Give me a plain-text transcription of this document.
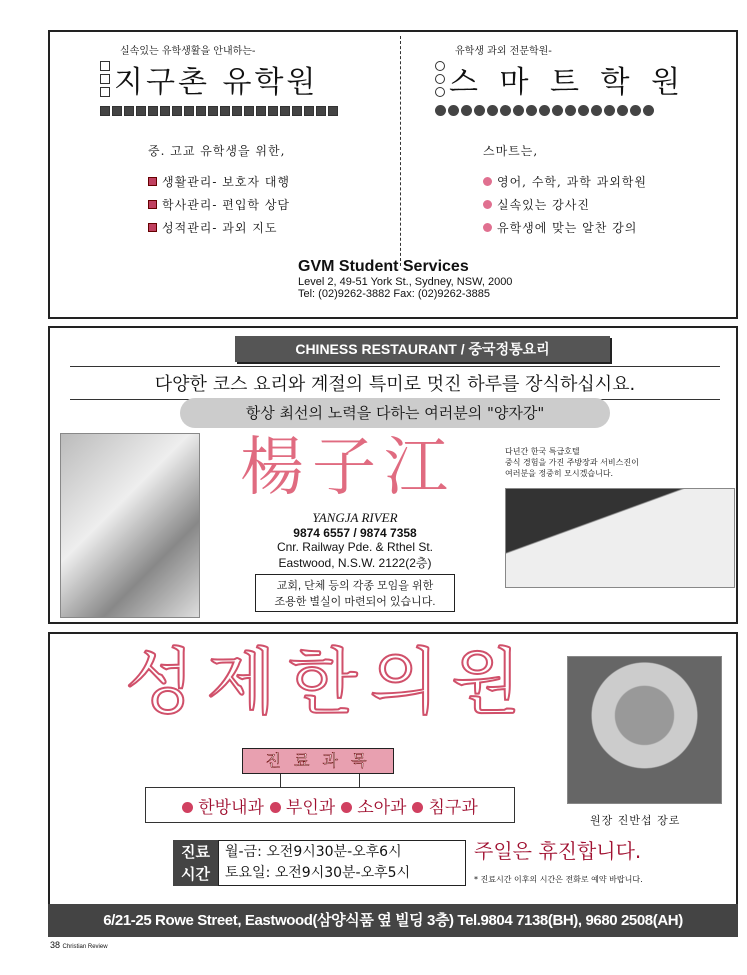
실속있는 유학생활을 안내하는-
지구촌 유학원
중. 고교 유학생을 위한,
생활관리- 보호자 대행
학사관리- 편입학 상담
성적관리- 과외 지도
유학생 과외 전문학원-
스 마 트 학 원
스마트는,
영어, 수학, 과학 과외학원
실속있는 강사진
유학생에 맞는 알찬 강의
GVM Student Services
Level 2, 49-51 York St., Sydney, NSW, 2000
Tel: (02)9262-3882 Fax: (02)9262-3885
CHINESS RESTAURANT / 중국정통요리
다양한 코스 요리와 계절의 특미로 멋진 하루를 장식하십시요.
항상 최선의 노력을 다하는 여러분의 "양자강"
楊子江
YANGJA RIVER
9874 6557 / 9874 7358
Cnr. Railway Pde. & Rthel St.
Eastwood, N.S.W. 2122(2층)
교회, 단체 등의 각종 모임을 위한
조용한 별실이 마련되어 있습니다.
다년간 한국 특급호텔
중식 경험을 가진 주방장과 서비스진이
여러분을 정중히 모시겠습니다.
성제한의원
원장 진반섭 장로
진 료 과 목
한방내과	부인과	소아과	침구과
진료
시간
월-금: 오전9시30분-오후6시
토요일: 오전9시30분-오후5시
주일은 휴진합니다.
* 진료시간 이후의 시간은 전화로 예약 바랍니다.
6/21-25 Rowe Street, Eastwood(삼양식품 옆 빌딩 3층) Tel.9804 7138(BH), 9680 2508(AH)
38 Christian Review
